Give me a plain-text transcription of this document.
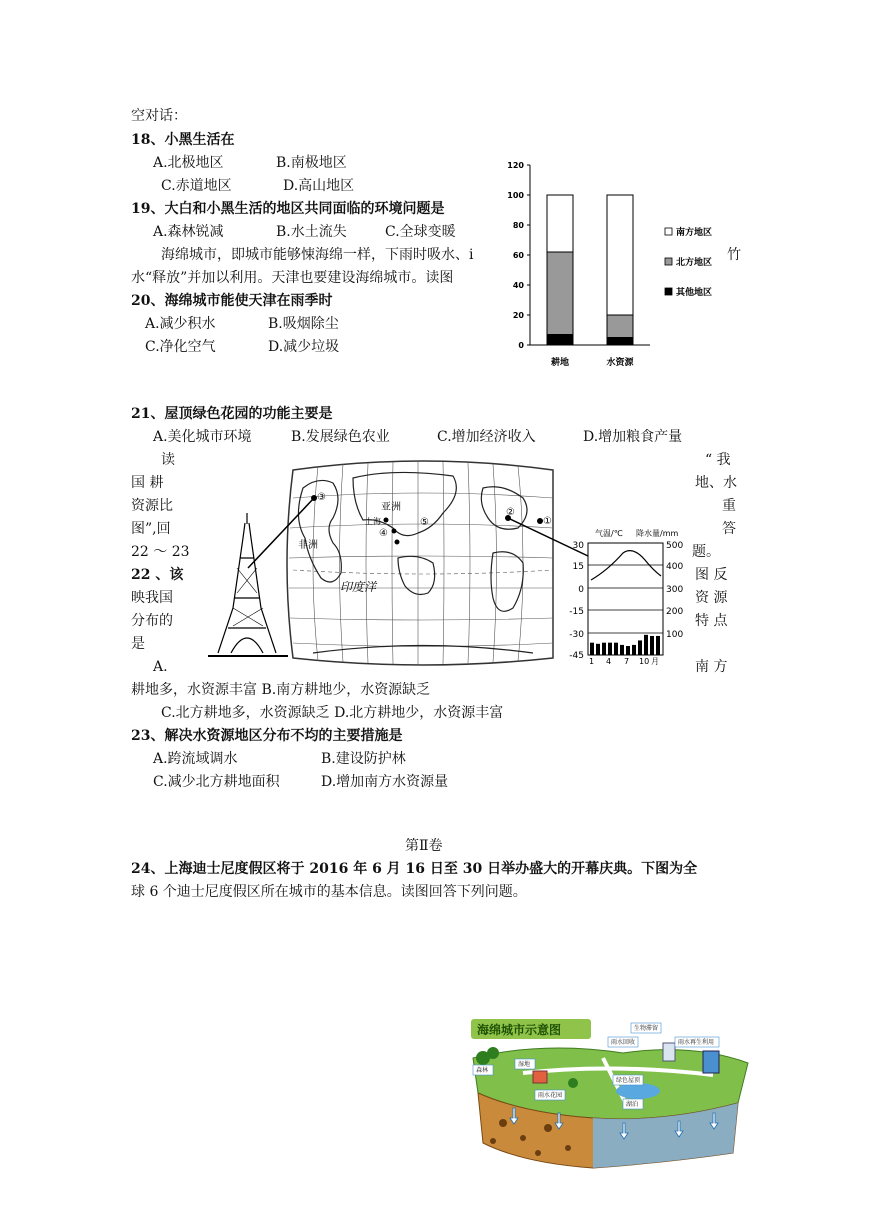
空对话：
18、小黑生活在
A.北极地区	B.南极地区
C.赤道地区	D.高山地区
19、大白和小黑生活的地区共同面临的环境问题是
A.森林锐减	B.水土流失	C.全球变暖
海绵城市，即城市能够悚海绵一样，下雨时吸水、i	竹
水“释放”并加以利用。天津也要建设海绵城市。读图
20、海绵城市能使天津在雨季时
A.减少积水	B.吸烟除尘
C.净化空气	D.减少垃圾
21、屋顶绿色花园的功能主要是
A.美化城市环境	B.发展绿色农业	C.增加经济收入	D.增加粮食产量
读	“ 我
国 耕	地、水
资源比	重
图”,回	答
22 ～ 23	题。
22 、该	图 反
映我国	资 源
分布的	特 点
是
A.	南 方
耕地多，水资源丰富 B.南方耕地少，水资源缺乏
C.北方耕地多，水资源缺乏 D.北方耕地少，水资源丰富
23、解决水资源地区分布不均的主要措施是
A.跨流域调水	B.建设防护林
C.减少北方耕地面积	D.增加南方水资源量
第Ⅱ卷
24、上海迪士尼度假区将于 2016 年 6 月 16 日至 30 日举办盛大的开幕庆典。下图为全
球 6 个迪士尼度假区所在城市的基本信息。读图回答下列问题。
0
20
40
60
80
100
120
耕地	水资源
南方地区
北方地区
其他地区
亚洲
非洲
印度洋
上海
③
④
⑤
②
①
气温/℃ 降水量/mm
30
15
0
-15
-30
-45
500
400
300
200
100
1 4 7 10 月
海绵城市示意图	生物滞留
雨水回收	雨水再生利用
绿色屋顶
湿地
森林
雨水花园
湖泊
